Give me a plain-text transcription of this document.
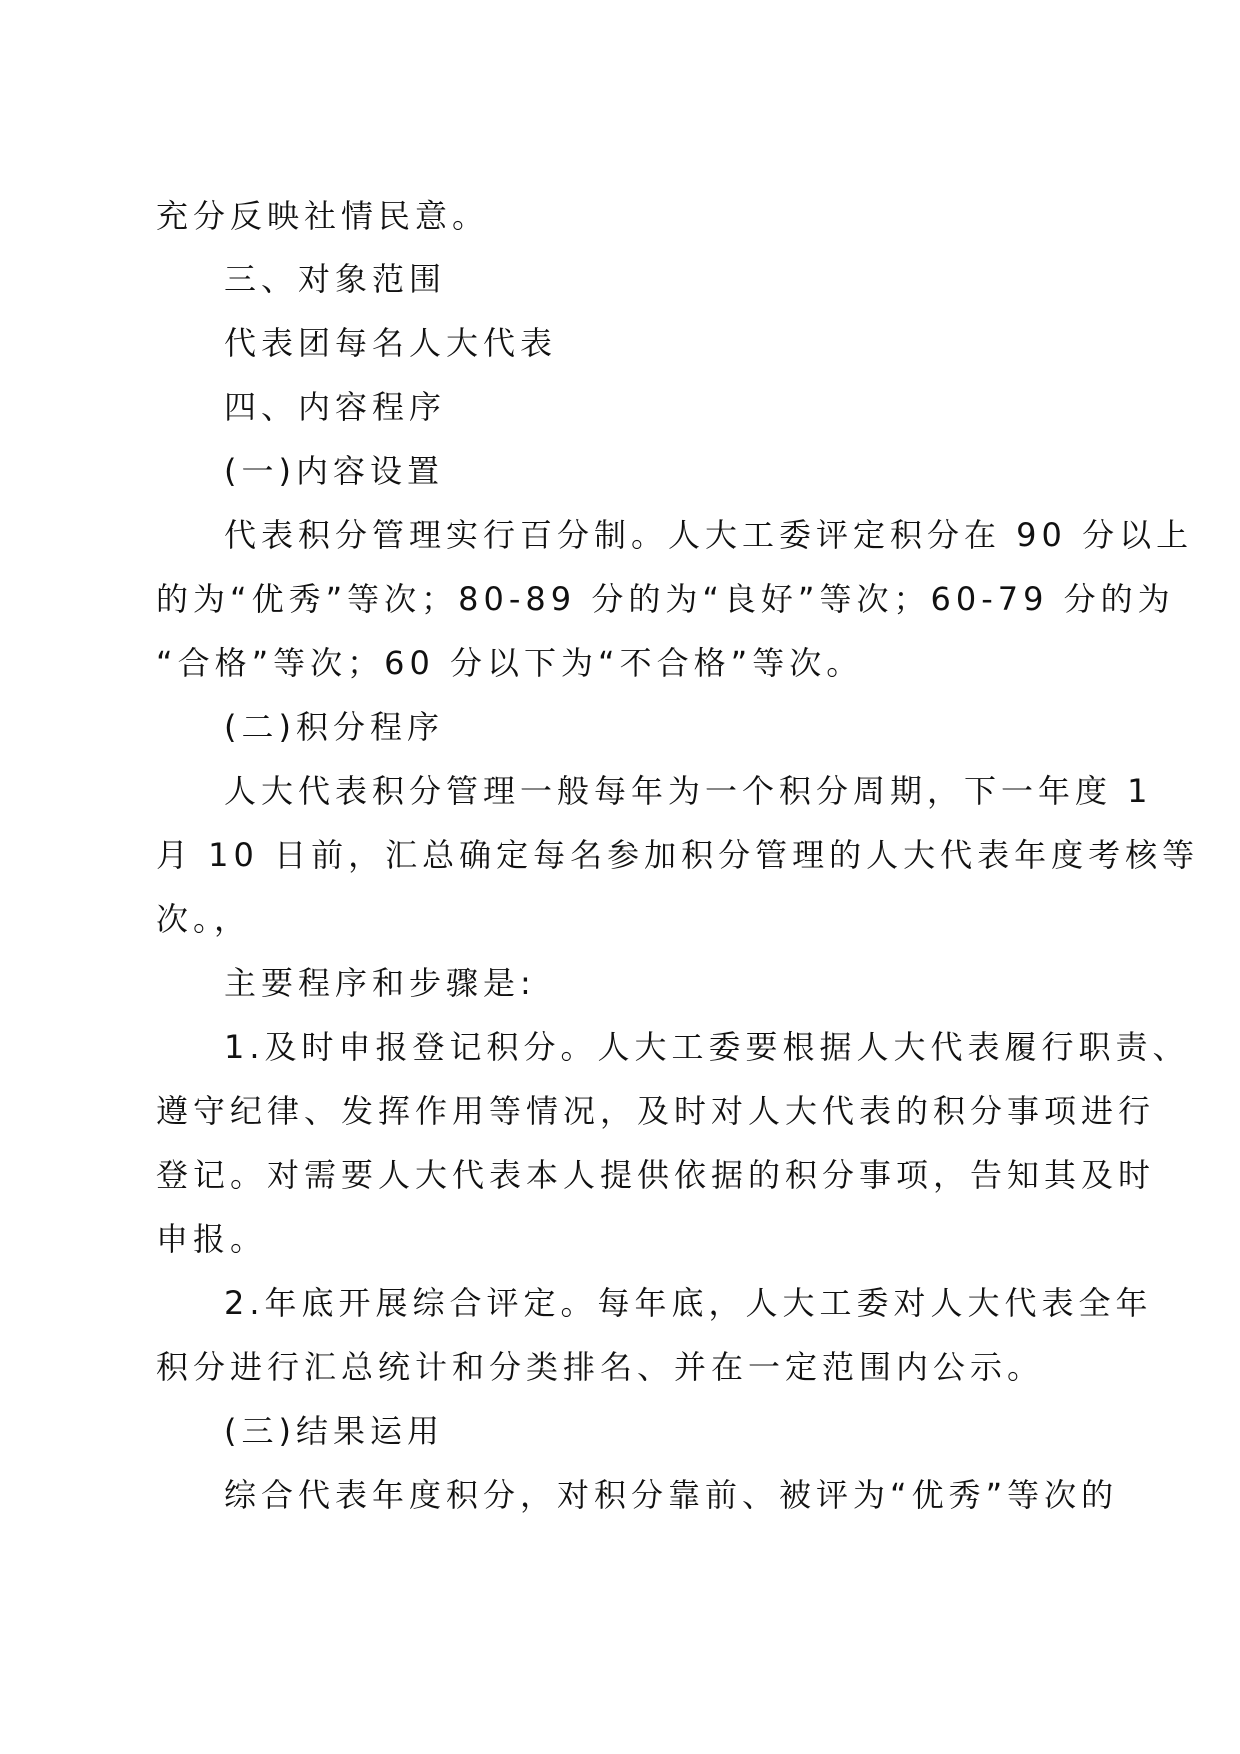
充分反映社情民意。
三、对象范围
代表团每名人大代表
四、内容程序
(一)内容设置
代表积分管理实行百分制。人大工委评定积分在 90 分以上
的为“优秀”等次；80-89 分的为“良好”等次；60-79 分的为
“合格”等次；60 分以下为“不合格”等次。
(二)积分程序
人大代表积分管理一般每年为一个积分周期，下一年度 1
月 10 日前，汇总确定每名参加积分管理的人大代表年度考核等
次。，
主要程序和步骤是:
1.及时申报登记积分。人大工委要根据人大代表履行职责、
遵守纪律、发挥作用等情况，及时对人大代表的积分事项进行
登记。对需要人大代表本人提供依据的积分事项，告知其及时
申报。
2.年底开展综合评定。每年底，人大工委对人大代表全年
积分进行汇总统计和分类排名、并在一定范围内公示。
(三)结果运用
综合代表年度积分，对积分靠前、被评为“优秀”等次的
